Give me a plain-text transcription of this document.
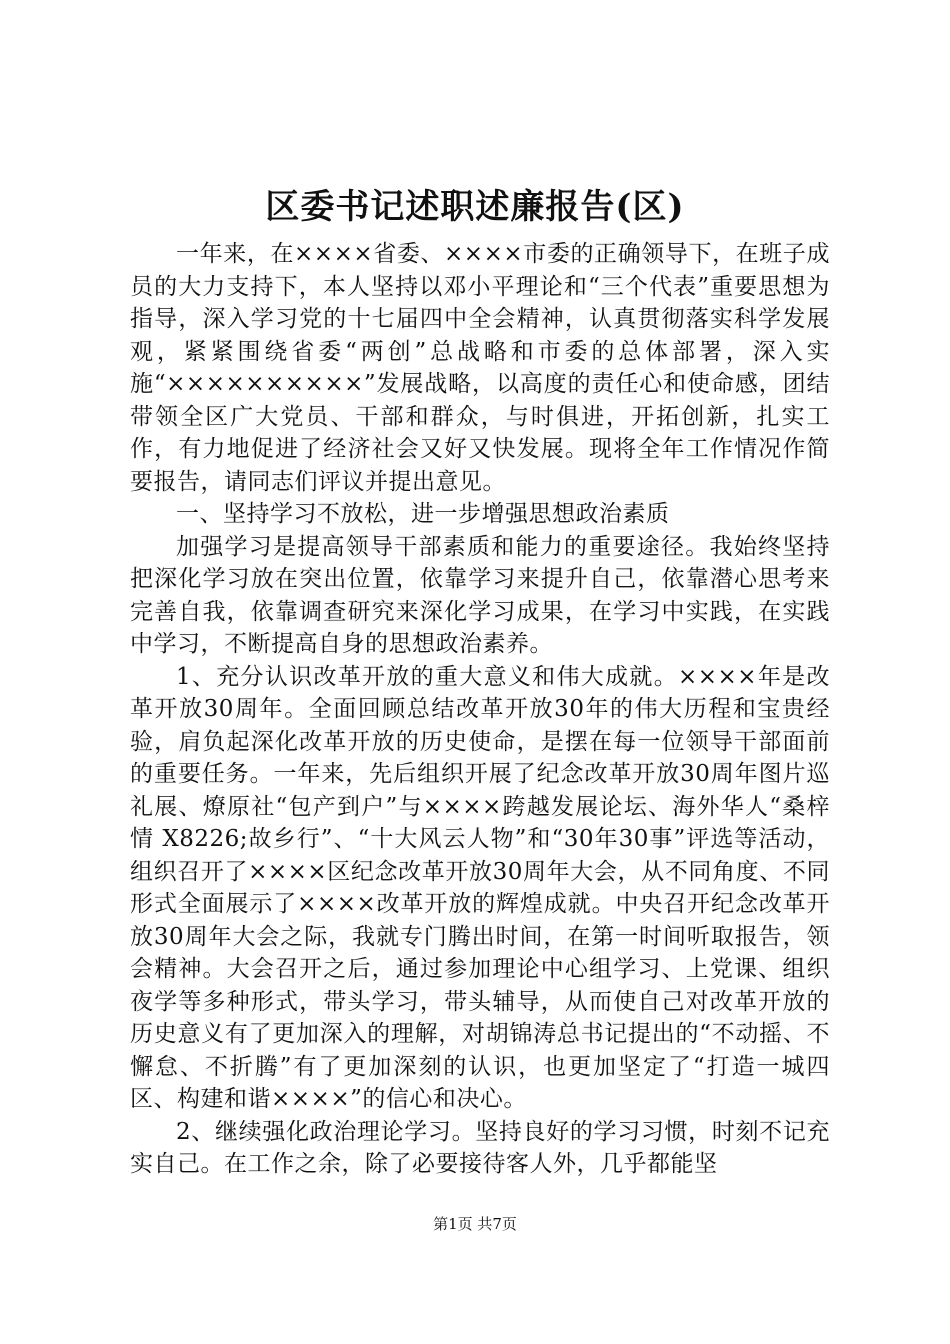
区委书记述职述廉报告(区)

一年来，在××××省委、××××市委的正确领导下，在班子成员的大力支持下，本人坚持以邓小平理论和“三个代表”重要思想为指导，深入学习党的十七届四中全会精神，认真贯彻落实科学发展观，紧紧围绕省委“两创”总战略和市委的总体部署，深入实施“××××××××××”发展战略，以高度的责任心和使命感，团结带领全区广大党员、干部和群众，与时俱进，开拓创新，扎实工作，有力地促进了经济社会又好又快发展。现将全年工作情况作简要报告，请同志们评议并提出意见。

一、坚持学习不放松，进一步增强思想政治素质

加强学习是提高领导干部素质和能力的重要途径。我始终坚持把深化学习放在突出位置，依靠学习来提升自己，依靠潜心思考来完善自我，依靠调查研究来深化学习成果，在学习中实践，在实践中学习，不断提高自身的思想政治素养。

1、充分认识改革开放的重大意义和伟大成就。××××年是改革开放30周年。全面回顾总结改革开放30年的伟大历程和宝贵经验，肩负起深化改革开放的历史使命，是摆在每一位领导干部面前的重要任务。一年来，先后组织开展了纪念改革开放30周年图片巡礼展、燎原社“包产到户”与××××跨越发展论坛、海外华人“桑梓情 X8226;故乡行”、“十大风云人物”和“30年30事”评选等活动，组织召开了××××区纪念改革开放30周年大会，从不同角度、不同形式全面展示了××××改革开放的辉煌成就。中央召开纪念改革开放30周年大会之际，我就专门腾出时间，在第一时间听取报告，领会精神。大会召开之后，通过参加理论中心组学习、上党课、组织夜学等多种形式，带头学习，带头辅导，从而使自己对改革开放的历史意义有了更加深入的理解，对胡锦涛总书记提出的“不动摇、不懈怠、不折腾”有了更加深刻的认识，也更加坚定了“打造一城四区、构建和谐××××”的信心和决心。

2、继续强化政治理论学习。坚持良好的学习习惯，时刻不记充实自己。在工作之余，除了必要接待客人外，几乎都能坚

第1页 共7页
